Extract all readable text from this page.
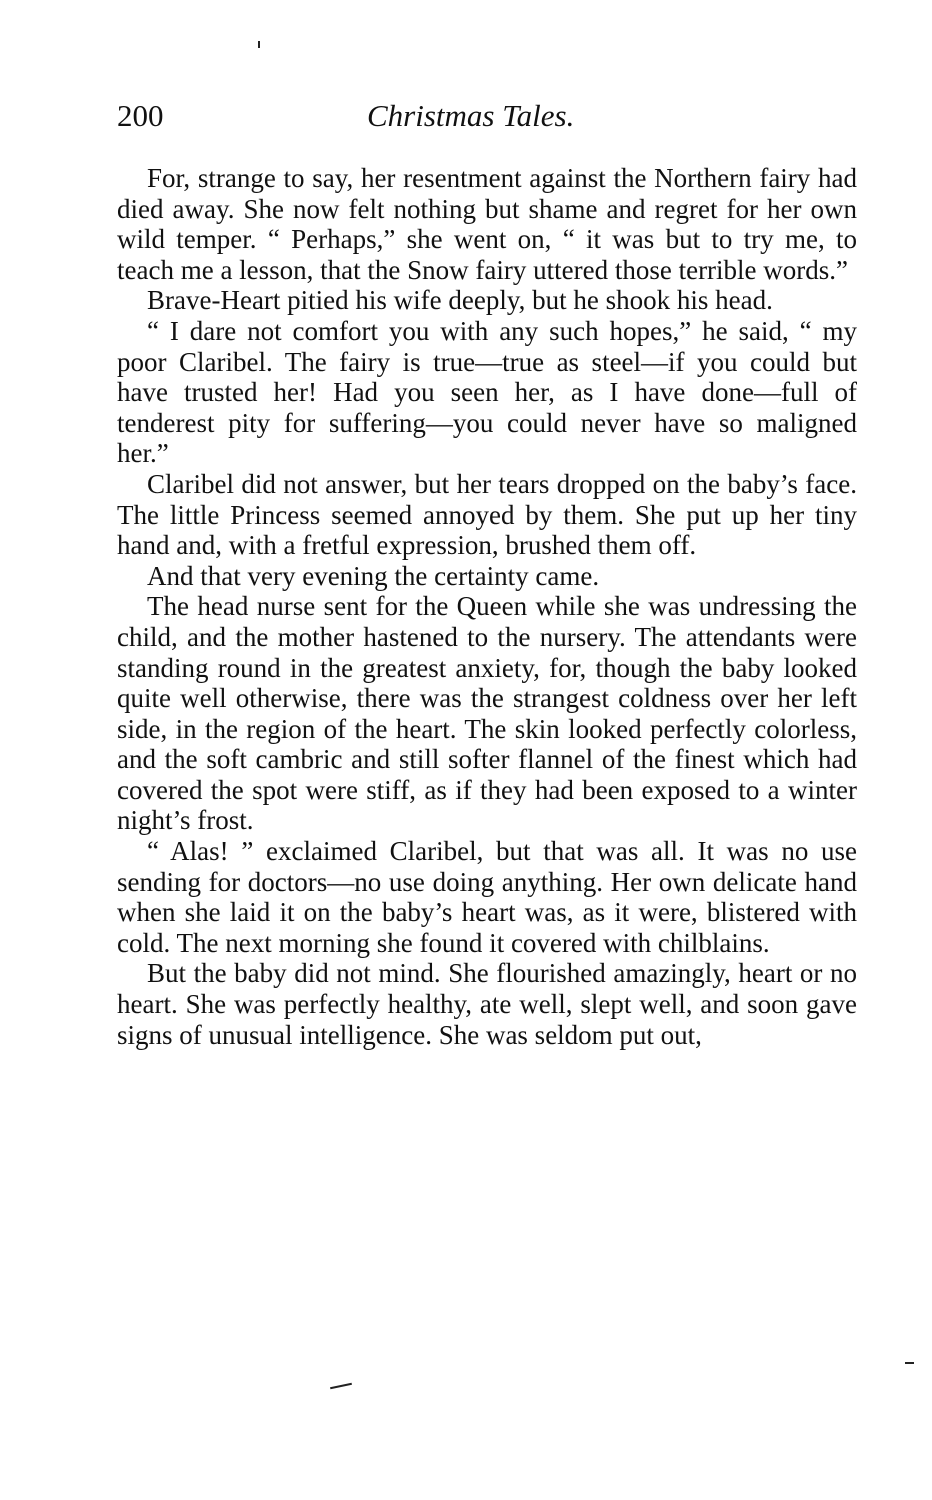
200	Christmas Tales.

For, strange to say, her resentment against the Northern fairy had died away. She now felt nothing but shame and regret for her own wild temper. “ Perhaps,” she went on, “ it was but to try me, to teach me a lesson, that the Snow fairy uttered those terrible words.”

Brave-Heart pitied his wife deeply, but he shook his head.

“ I dare not comfort you with any such hopes,” he said, “ my poor Claribel. The fairy is true—true as steel—if you could but have trusted her! Had you seen her, as I have done—full of tenderest pity for suffering—you could never have so maligned her.”

Claribel did not answer, but her tears dropped on the baby’s face. The little Princess seemed annoyed by them. She put up her tiny hand and, with a fretful expression, brushed them off.

And that very evening the certainty came.

The head nurse sent for the Queen while she was undressing the child, and the mother hastened to the nursery. The attendants were standing round in the greatest anxiety, for, though the baby looked quite well otherwise, there was the strangest coldness over her left side, in the region of the heart. The skin looked perfectly colorless, and the soft cambric and still softer flannel of the finest which had covered the spot were stiff, as if they had been exposed to a winter night’s frost.

“ Alas! ” exclaimed Claribel, but that was all. It was no use sending for doctors—no use doing anything. Her own delicate hand when she laid it on the baby’s heart was, as it were, blistered with cold. The next morning she found it covered with chilblains.

But the baby did not mind. She flourished amazingly, heart or no heart. She was perfectly healthy, ate well, slept well, and soon gave signs of unusual intelligence. She was seldom put out,
